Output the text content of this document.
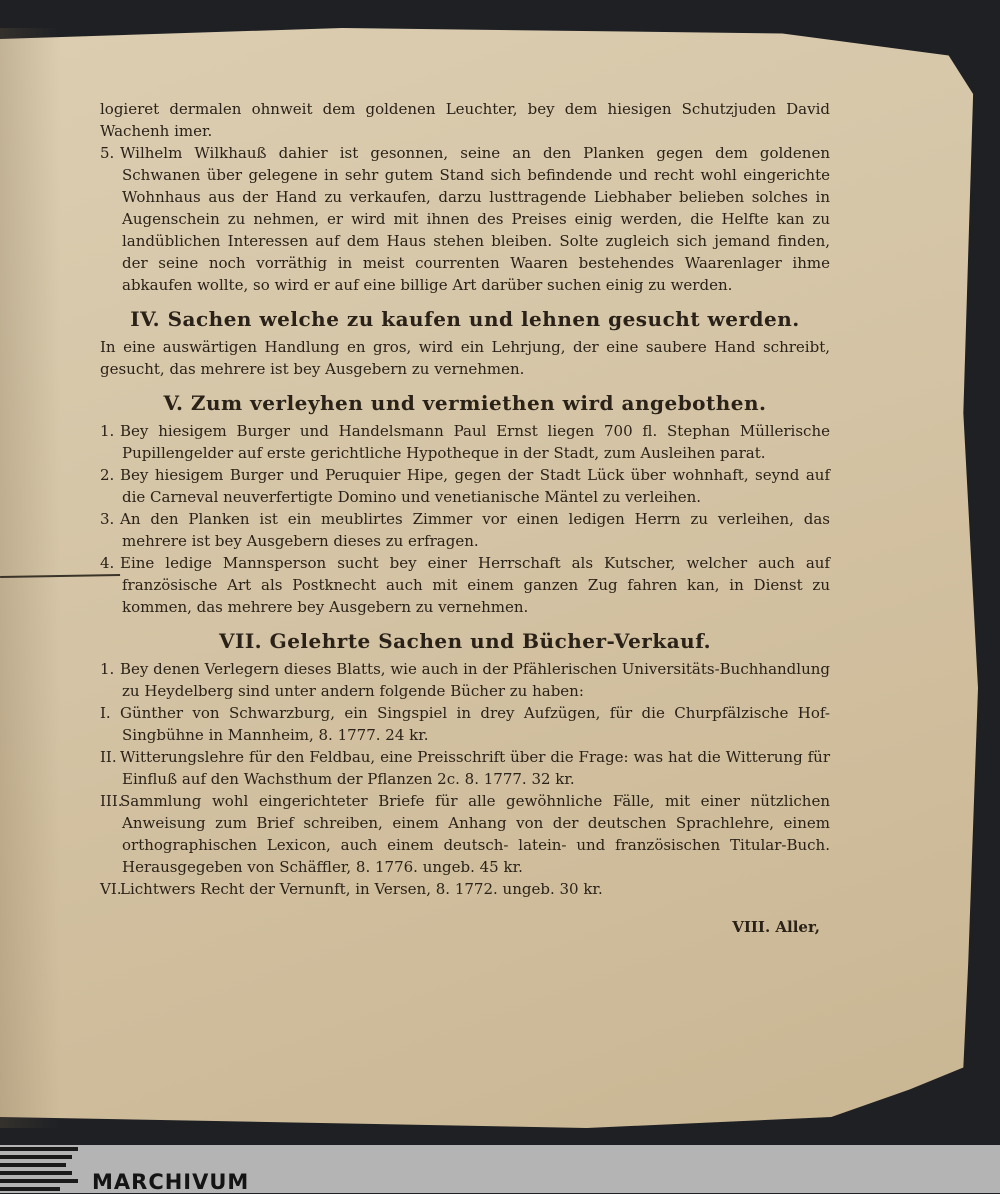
logieret dermalen ohnweit dem goldenen Leuchter, bey dem hiesigen Schutzjuden David Wachenh imer.

5. Wilhelm Wilkhauß dahier ist gesonnen, seine an den Planken gegen dem goldenen Schwanen über gelegene in sehr gutem Stand sich befindende und recht wohl eingerichte Wohnhaus aus der Hand zu verkaufen, darzu lusttragende Liebhaber belieben solches in Augenschein zu nehmen, er wird mit ihnen des Preises einig werden, die Helfte kan zu landüblichen Interessen auf dem Haus stehen bleiben. Solte zugleich sich jemand finden, der seine noch vorräthig in meist courrenten Waaren bestehendes Waarenlager ihme abkaufen wollte, so wird er auf eine billige Art darüber suchen einig zu werden.

IV. Sachen welche zu kaufen und lehnen gesucht werden.

In eine auswärtigen Handlung en gros, wird ein Lehrjung, der eine saubere Hand schreibt, gesucht, das mehrere ist bey Ausgebern zu vernehmen.

V. Zum verleyhen und vermiethen wird angebothen.

1. Bey hiesigem Burger und Handelsmann Paul Ernst liegen 700 fl. Stephan Müllerische Pupillengelder auf erste gerichtliche Hypotheque in der Stadt, zum Ausleihen parat.

2. Bey hiesigem Burger und Peruquier Hipe, gegen der Stadt Lück über wohnhaft, seynd auf die Carneval neuverfertigte Domino und venetianische Mäntel zu verleihen.

3. An den Planken ist ein meublirtes Zimmer vor einen ledigen Herrn zu verleihen, das mehrere ist bey Ausgebern dieses zu erfragen.

4. Eine ledige Mannsperson sucht bey einer Herrschaft als Kutscher, welcher auch auf französische Art als Postknecht auch mit einem ganzen Zug fahren kan, in Dienst zu kommen, das mehrere bey Ausgebern zu vernehmen.

VII. Gelehrte Sachen und Bücher-Verkauf.

1. Bey denen Verlegern dieses Blatts, wie auch in der Pfählerischen Universitäts-Buchhandlung zu Heydelberg sind unter andern folgende Bücher zu haben:

I. Günther von Schwarzburg, ein Singspiel in drey Aufzügen, für die Churpfälzische Hof-Singbühne in Mannheim, 8. 1777. 24 kr.

II. Witterungslehre für den Feldbau, eine Preisschrift über die Frage: was hat die Witterung für Einfluß auf den Wachsthum der Pflanzen 2c. 8. 1777. 32 kr.

III.Sammlung wohl eingerichteter Briefe für alle gewöhnliche Fälle, mit einer nützlichen Anweisung zum Brief schreiben, einem Anhang von der deutschen Sprachlehre, einem orthographischen Lexicon, auch einem deutsch- latein- und französischen Titular-Buch. Herausgegeben von Schäffler, 8. 1776. ungeb. 45 kr.

VI.Lichtwers Recht der Vernunft, in Versen, 8. 1772. ungeb. 30 kr.

VIII. Aller,
MARCHIVUM
